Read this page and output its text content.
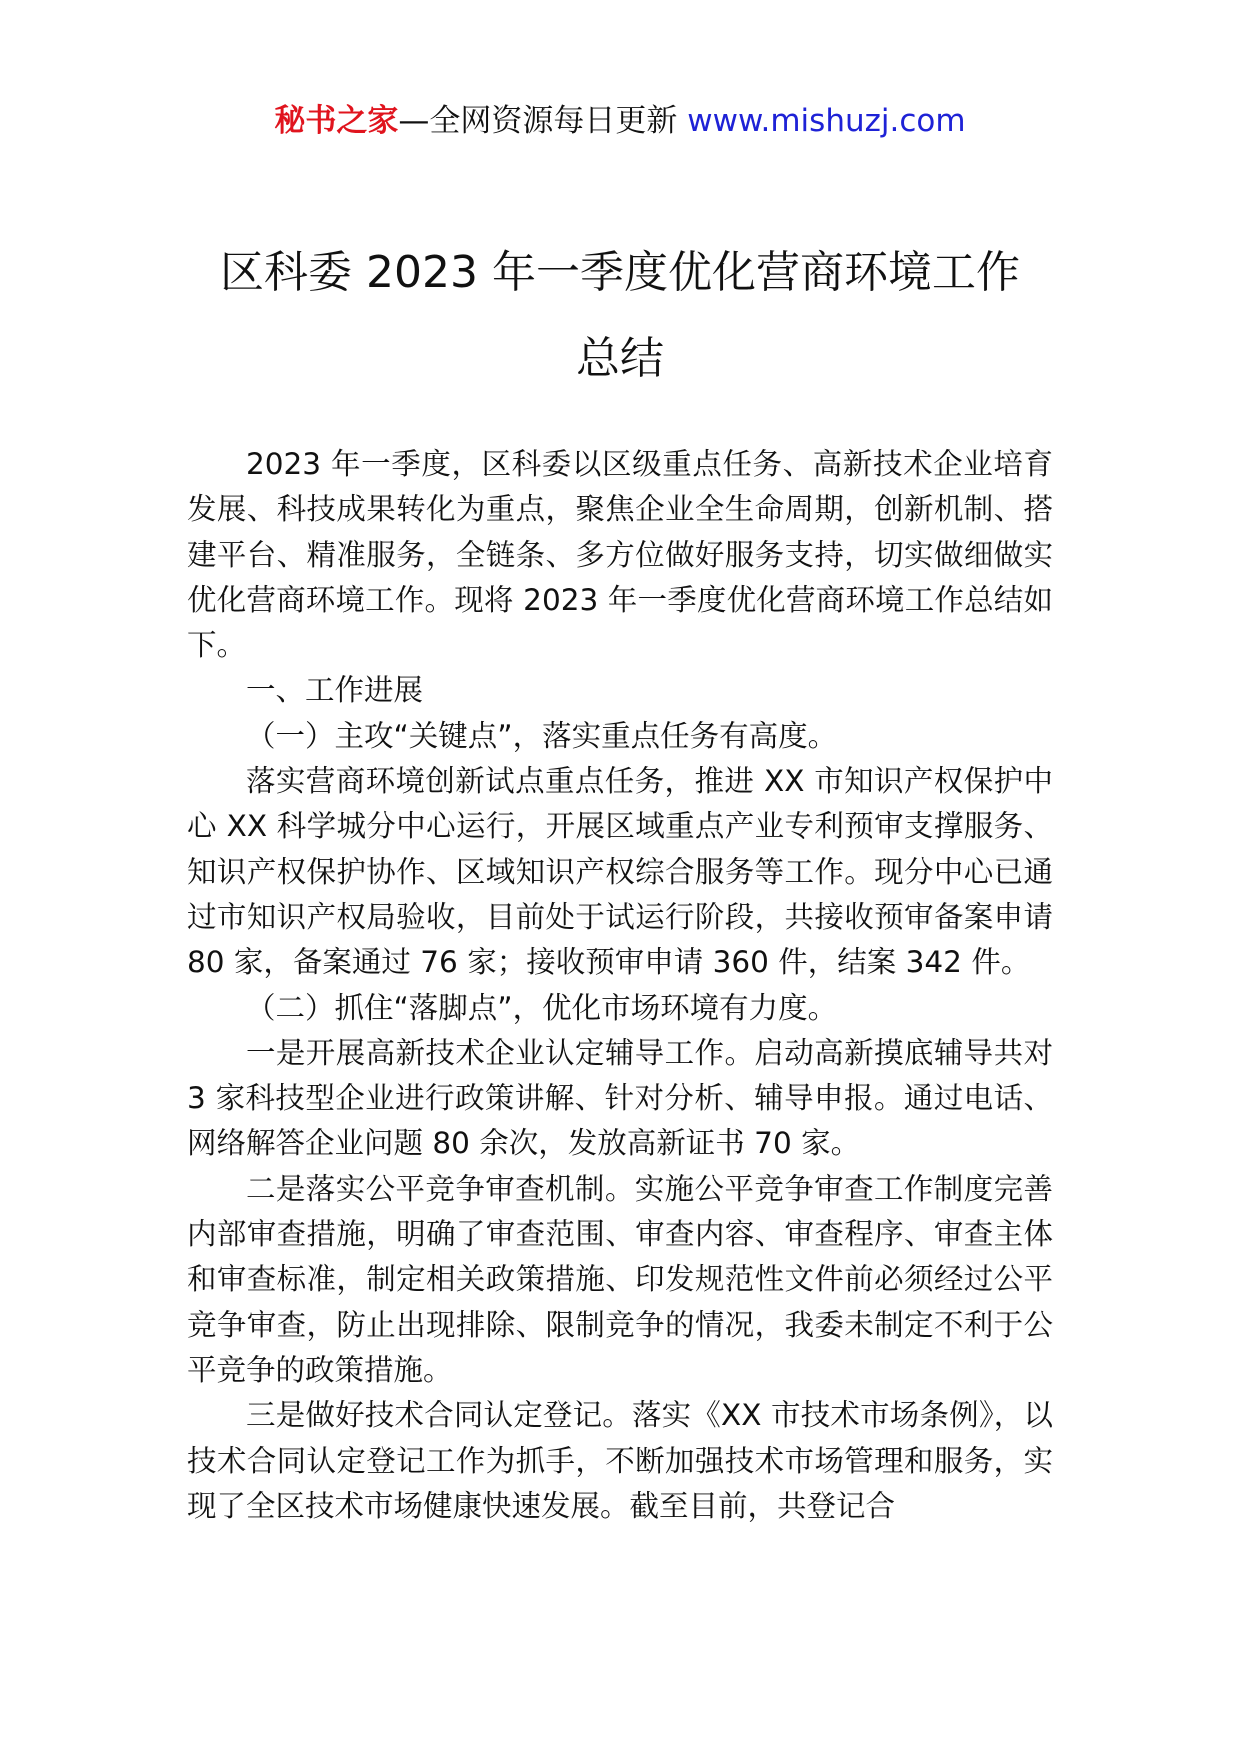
秘书之家—全网资源每日更新 www.mishuzj.com
区科委 2023 年一季度优化营商环境工作
总结

2023 年一季度，区科委以区级重点任务、高新技术企业培育发展、科技成果转化为重点，聚焦企业全生命周期，创新机制、搭建平台、精准服务，全链条、多方位做好服务支持，切实做细做实优化营商环境工作。现将 2023 年一季度优化营商环境工作总结如下。

一、工作进展

（一）主攻“关键点”，落实重点任务有高度。

落实营商环境创新试点重点任务，推进 XX 市知识产权保护中心 XX 科学城分中心运行，开展区域重点产业专利预审支撑服务、知识产权保护协作、区域知识产权综合服务等工作。现分中心已通过市知识产权局验收，目前处于试运行阶段，共接收预审备案申请 80 家，备案通过 76 家；接收预审申请 360 件，结案 342 件。

（二）抓住“落脚点”，优化市场环境有力度。

一是开展高新技术企业认定辅导工作。启动高新摸底辅导共对 3 家科技型企业进行政策讲解、针对分析、辅导申报。通过电话、网络解答企业问题 80 余次，发放高新证书 70 家。

二是落实公平竞争审查机制。实施公平竞争审查工作制度完善内部审查措施，明确了审查范围、审查内容、审查程序、审查主体和审查标准，制定相关政策措施、印发规范性文件前必须经过公平竞争审查，防止出现排除、限制竞争的情况，我委未制定不利于公平竞争的政策措施。

三是做好技术合同认定登记。落实《XX 市技术市场条例》，以技术合同认定登记工作为抓手，不断加强技术市场管理和服务，实现了全区技术市场健康快速发展。截至目前，共登记合
